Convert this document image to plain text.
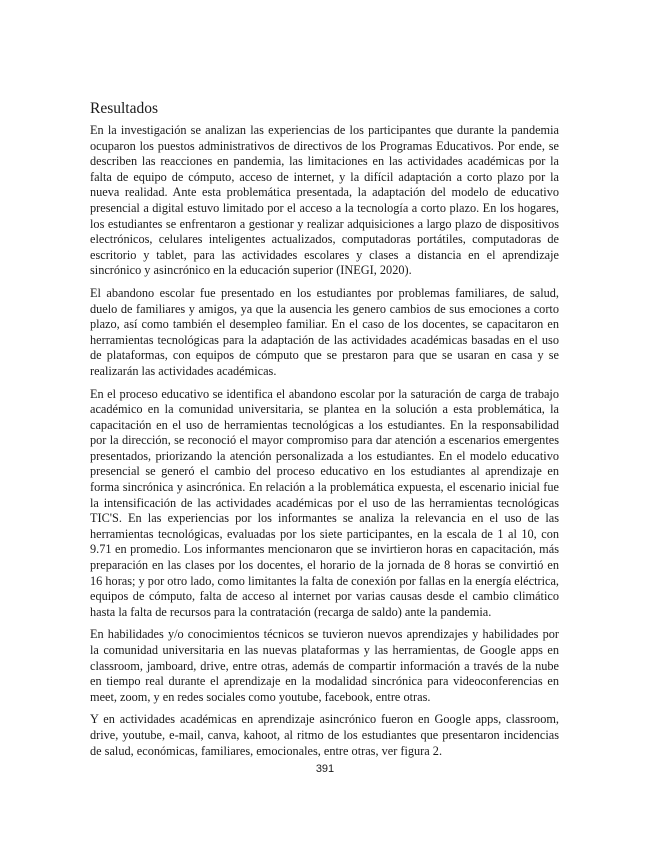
Resultados

En la investigación se analizan las experiencias de los participantes que durante la pandemia ocuparon los puestos administrativos de directivos de los Programas Educativos. Por ende, se describen las reacciones en pandemia, las limitaciones en las actividades académicas por la falta de equipo de cómputo, acceso de internet, y la difícil adaptación a corto plazo por la nueva realidad. Ante esta problemática presentada, la adaptación del modelo de educativo presencial a digital estuvo limitado por el acceso a la tecnología a corto plazo. En los hogares, los estudiantes se enfrentaron a gestionar y realizar adquisiciones a largo plazo de dispositivos electrónicos, celulares inteligentes actualizados, computadoras portátiles, computadoras de escritorio y tablet, para las actividades escolares y clases a distancia en el aprendizaje sincrónico y asincrónico en la educación superior (INEGI, 2020).

El abandono escolar fue presentado en los estudiantes por problemas familiares, de salud, duelo de familiares y amigos, ya que la ausencia les genero cambios de sus emociones a corto plazo, así como también el desempleo familiar. En el caso de los docentes, se capacitaron en herramientas tecnológicas para la adaptación de las actividades académicas basadas en el uso de plataformas, con equipos de cómputo que se prestaron para que se usaran en casa y se realizarán las actividades académicas.

En el proceso educativo se identifica el abandono escolar por la saturación de carga de trabajo académico en la comunidad universitaria, se plantea en la solución a esta problemática, la capacitación en el uso de herramientas tecnológicas a los estudiantes. En la responsabilidad por la dirección, se reconoció el mayor compromiso para dar atención a escenarios emergentes presentados, priorizando la atención personalizada a los estudiantes. En el modelo educativo presencial se generó el cambio del proceso educativo en los estudiantes al aprendizaje en forma sincrónica y asincrónica. En relación a la problemática expuesta, el escenario inicial fue la intensificación de las actividades académicas por el uso de las herramientas tecnológicas TIC'S. En las experiencias por los informantes se analiza la relevancia en el uso de las herramientas tecnológicas, evaluadas por los siete participantes, en la escala de 1 al 10, con 9.71 en promedio. Los informantes mencionaron que se invirtieron horas en capacitación, más preparación en las clases por los docentes, el horario de la jornada de 8 horas se convirtió en 16 horas; y por otro lado, como limitantes la falta de conexión por fallas en la energía eléctrica, equipos de cómputo, falta de acceso al internet por varias causas desde el cambio climático hasta la falta de recursos para la contratación (recarga de saldo) ante la pandemia.

En habilidades y/o conocimientos técnicos se tuvieron nuevos aprendizajes y habilidades por la comunidad universitaria en las nuevas plataformas y las herramientas, de Google apps en classroom, jamboard, drive, entre otras, además de compartir información a través de la nube en tiempo real durante el aprendizaje en la modalidad sincrónica para videoconferencias en meet, zoom, y en redes sociales como youtube, facebook, entre otras.

Y en actividades académicas en aprendizaje asincrónico fueron en Google apps, classroom, drive, youtube, e-mail, canva, kahoot, al ritmo de los estudiantes que presentaron incidencias de salud, económicas, familiares, emocionales, entre otras, ver figura 2.

391
